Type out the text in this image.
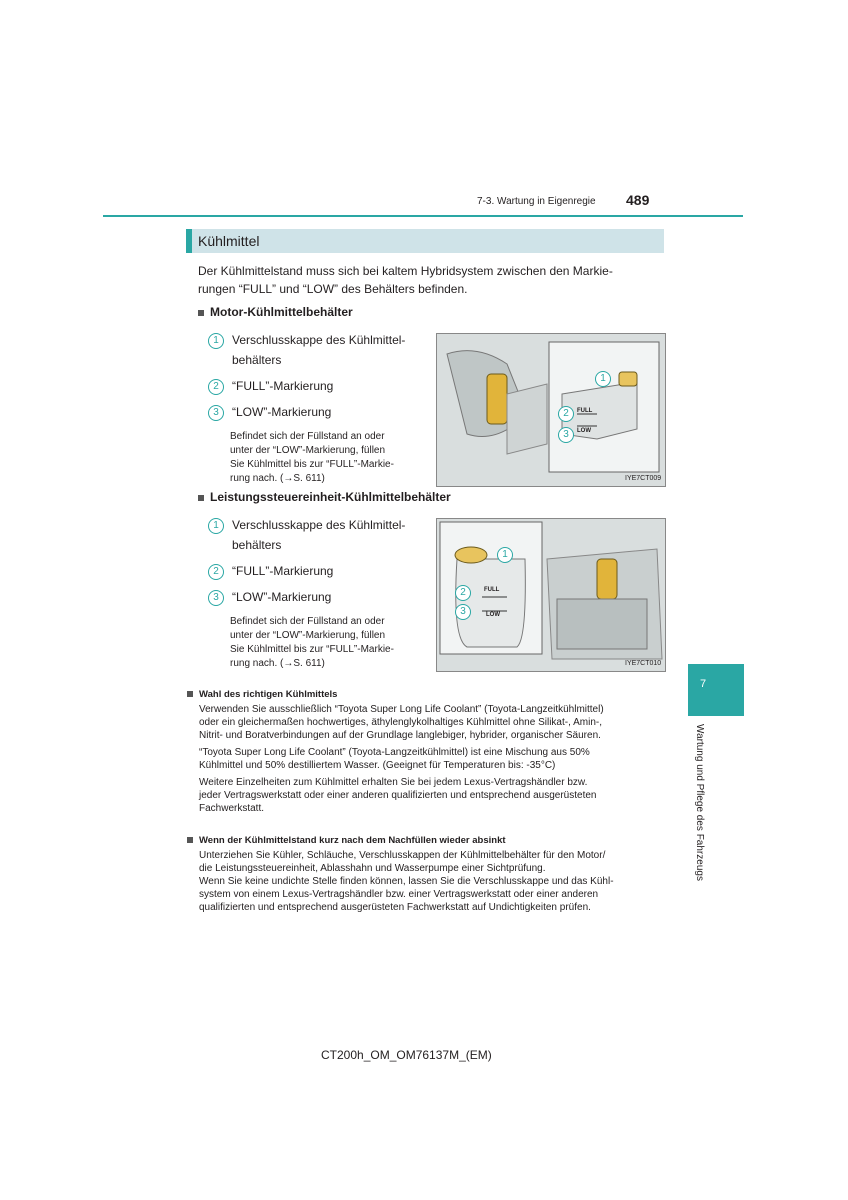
7-3. Wartung in Eigenregie 489
Kühlmittel
Der Kühlmittelstand muss sich bei kaltem Hybridsystem zwischen den Markie-
rungen “FULL” und “LOW” des Behälters befinden.
Motor-Kühlmittelbehälter
1 Verschlusskappe des Kühlmittel-
behälters
2 “FULL”-Markierung
3 “LOW”-Markierung
Befindet sich der Füllstand an oder
unter der “LOW”-Markierung, füllen
Sie Kühlmittel bis zur “FULL”-Markie-
rung nach. (→S. 611)
1
2
3
FULL
LOW
IYE7CT009
Leistungssteuereinheit-Kühlmittelbehälter
1 Verschlusskappe des Kühlmittel-
behälters
2 “FULL”-Markierung
3 “LOW”-Markierung
Befindet sich der Füllstand an oder
unter der “LOW”-Markierung, füllen
Sie Kühlmittel bis zur “FULL”-Markie-
rung nach. (→S. 611)
1
2
3
FULL
LOW
IYE7CT010
Wahl des richtigen Kühlmittels
Verwenden Sie ausschließlich “Toyota Super Long Life Coolant” (Toyota-Langzeitkühlmittel)
oder ein gleichermaßen hochwertiges, äthylenglykolhaltiges Kühlmittel ohne Silikat-, Amin-,
Nitrit- und Boratverbindungen auf der Grundlage langlebiger, hybrider, organischer Säuren.
“Toyota Super Long Life Coolant” (Toyota-Langzeitkühlmittel) ist eine Mischung aus 50%
Kühlmittel und 50% destilliertem Wasser. (Geeignet für Temperaturen bis: -35°C)
Weitere Einzelheiten zum Kühlmittel erhalten Sie bei jedem Lexus-Vertragshändler bzw.
jeder Vertragswerkstatt oder einer anderen qualifizierten und entsprechend ausgerüsteten
Fachwerkstatt.
Wenn der Kühlmittelstand kurz nach dem Nachfüllen wieder absinkt
Unterziehen Sie Kühler, Schläuche, Verschlusskappen der Kühlmittelbehälter für den Motor/
die Leistungssteuereinheit, Ablasshahn und Wasserpumpe einer Sichtprüfung.
Wenn Sie keine undichte Stelle finden können, lassen Sie die Verschlusskappe und das Kühl-
system von einem Lexus-Vertragshändler bzw. einer Vertragswerkstatt oder einer anderen
qualifizierten und entsprechend ausgerüsteten Fachwerkstatt auf Undichtigkeiten prüfen.
7
Wartung und Pflege des Fahrzeugs
CT200h_OM_OM76137M_(EM)
